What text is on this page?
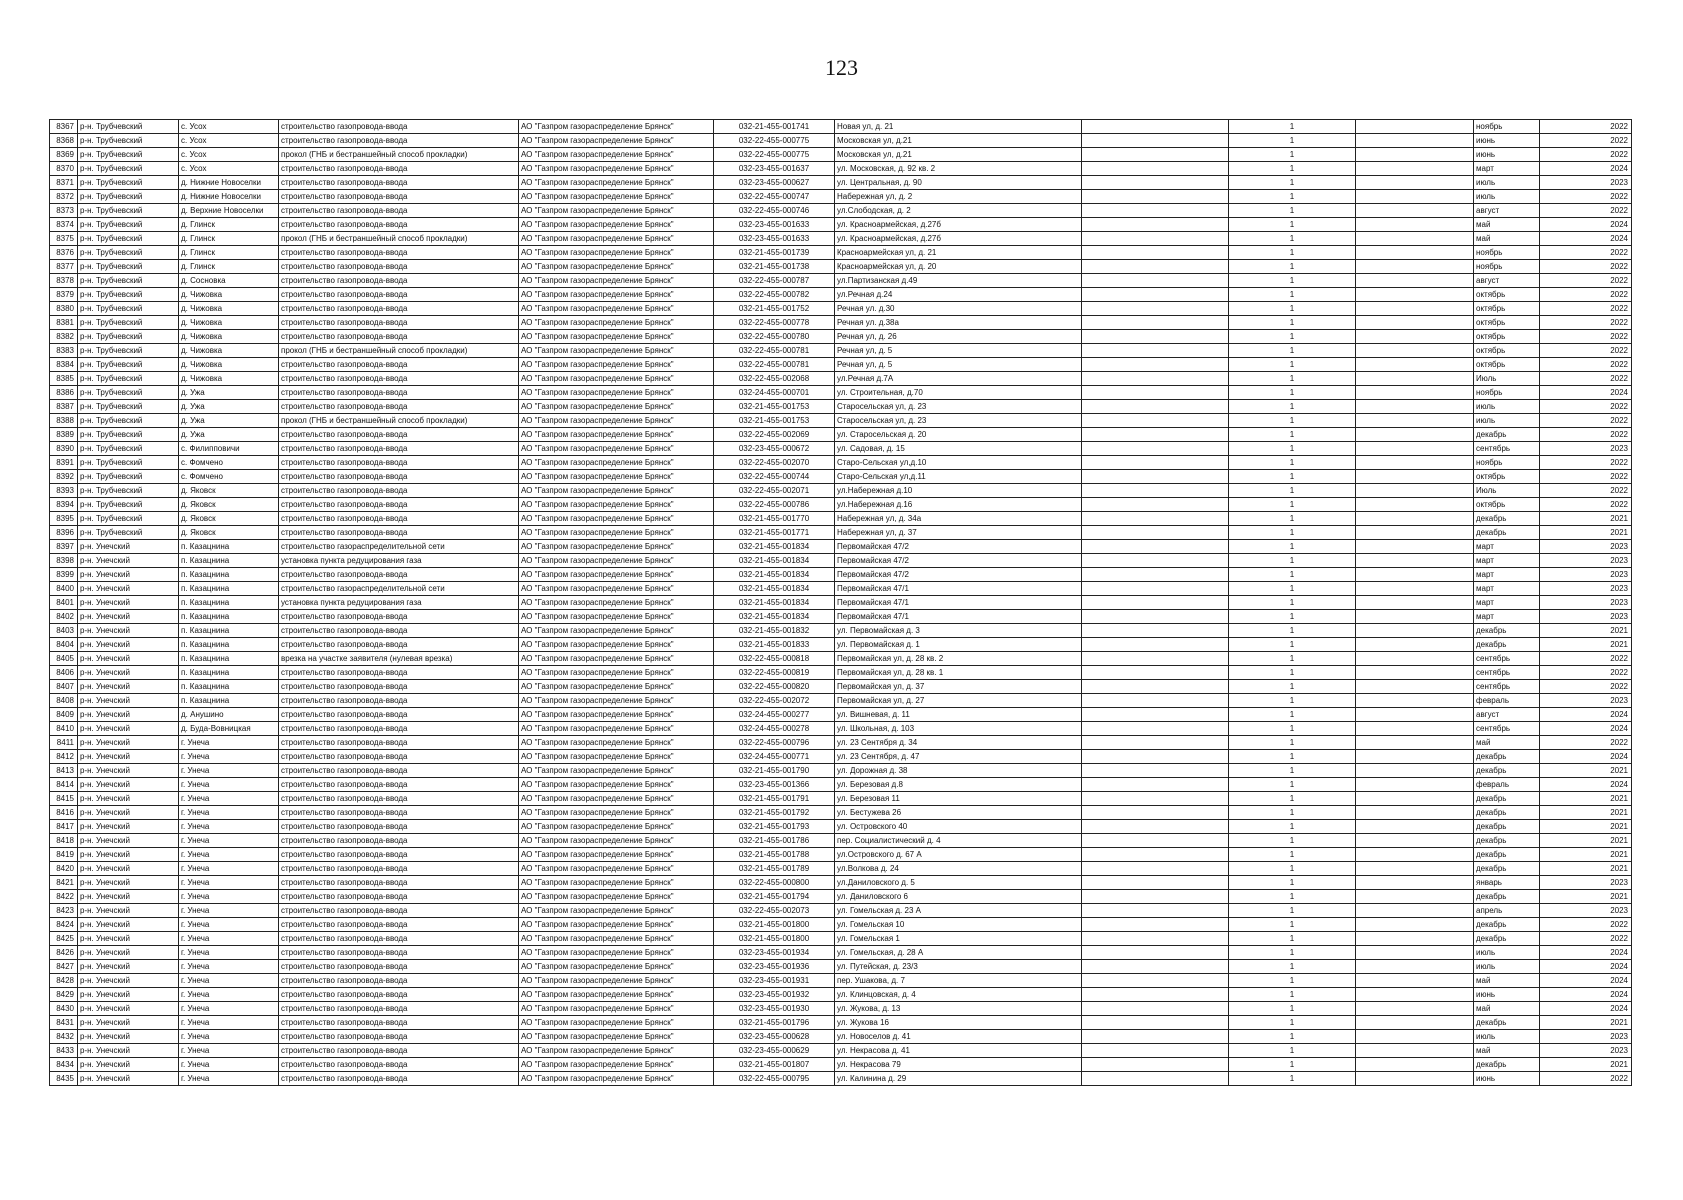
123
8367	р-н. Трубчевский	с. Усох	строительство газопровода-ввода	АО "Газпром газораспределение Брянск"	032-21-455-001741	Новая ул, д. 21		1		ноябрь	2022
8368	р-н. Трубчевский	с. Усох	строительство газопровода-ввода	АО "Газпром газораспределение Брянск"	032-22-455-000775	Московская ул, д.21		1		июнь	2022
8369	р-н. Трубчевский	с. Усох	прокол (ГНБ и бестраншейный способ прокладки)	АО "Газпром газораспределение Брянск"	032-22-455-000775	Московская ул, д.21		1		июнь	2022
8370	р-н. Трубчевский	с. Усох	строительство газопровода-ввода	АО "Газпром газораспределение Брянск"	032-23-455-001637	ул. Московская, д. 92 кв. 2		1		март	2024
8371	р-н. Трубчевский	д. Нижние Новоселки	строительство газопровода-ввода	АО "Газпром газораспределение Брянск"	032-23-455-000627	ул. Центральная, д. 90		1		июль	2023
8372	р-н. Трубчевский	д. Нижние Новоселки	строительство газопровода-ввода	АО "Газпром газораспределение Брянск"	032-22-455-000747	Набережная ул, д. 2		1		июль	2022
8373	р-н. Трубчевский	д. Верхние Новоселки	строительство газопровода-ввода	АО "Газпром газораспределение Брянск"	032-22-455-000746	ул.Слободская, д. 2		1		август	2022
8374	р-н. Трубчевский	д. Глинск	строительство газопровода-ввода	АО "Газпром газораспределение Брянск"	032-23-455-001633	ул. Красноармейская, д.27б		1		май	2024
8375	р-н. Трубчевский	д. Глинск	прокол (ГНБ и бестраншейный способ прокладки)	АО "Газпром газораспределение Брянск"	032-23-455-001633	ул. Красноармейская, д.27б		1		май	2024
8376	р-н. Трубчевский	д. Глинск	строительство газопровода-ввода	АО "Газпром газораспределение Брянск"	032-21-455-001739	Красноармейская ул, д. 21		1		ноябрь	2022
8377	р-н. Трубчевский	д. Глинск	строительство газопровода-ввода	АО "Газпром газораспределение Брянск"	032-21-455-001738	Красноармейская ул, д. 20		1		ноябрь	2022
8378	р-н. Трубчевский	д. Сосновка	строительство газопровода-ввода	АО "Газпром газораспределение Брянск"	032-22-455-000787	ул.Партизанская д.49		1		август	2022
8379	р-н. Трубчевский	д. Чижовка	строительство газопровода-ввода	АО "Газпром газораспределение Брянск"	032-22-455-000782	ул.Речная д.24		1		октябрь	2022
8380	р-н. Трубчевский	д. Чижовка	строительство газопровода-ввода	АО "Газпром газораспределение Брянск"	032-21-455-001752	Речная ул. д.30		1		октябрь	2022
8381	р-н. Трубчевский	д. Чижовка	строительство газопровода-ввода	АО "Газпром газораспределение Брянск"	032-22-455-000778	Речная ул. д.38а		1		октябрь	2022
8382	р-н. Трубчевский	д. Чижовка	строительство газопровода-ввода	АО "Газпром газораспределение Брянск"	032-22-455-000780	Речная ул, д. 26		1		октябрь	2022
8383	р-н. Трубчевский	д. Чижовка	прокол (ГНБ и бестраншейный способ прокладки)	АО "Газпром газораспределение Брянск"	032-22-455-000781	Речная ул, д. 5		1		октябрь	2022
8384	р-н. Трубчевский	д. Чижовка	строительство газопровода-ввода	АО "Газпром газораспределение Брянск"	032-22-455-000781	Речная ул, д. 5		1		октябрь	2022
8385	р-н. Трубчевский	д. Чижовка	строительство газопровода-ввода	АО "Газпром газораспределение Брянск"	032-22-455-002068	ул.Речная д.7А		1		Июль	2022
8386	р-н. Трубчевский	д. Ужа	строительство газопровода-ввода	АО "Газпром газораспределение Брянск"	032-24-455-000701	ул. Строительная, д.70		1		ноябрь	2024
8387	р-н. Трубчевский	д. Ужа	строительство газопровода-ввода	АО "Газпром газораспределение Брянск"	032-21-455-001753	Старосельская ул, д. 23		1		июль	2022
8388	р-н. Трубчевский	д. Ужа	прокол (ГНБ и бестраншейный способ прокладки)	АО "Газпром газораспределение Брянск"	032-21-455-001753	Старосельская ул, д. 23		1		июль	2022
8389	р-н. Трубчевский	д. Ужа	строительство газопровода-ввода	АО "Газпром газораспределение Брянск"	032-22-455-002069	ул. Старосельская д. 20		1		декабрь	2022
8390	р-н. Трубчевский	с. Филипповичи	строительство газопровода-ввода	АО "Газпром газораспределение Брянск"	032-23-455-000672	ул. Садовая, д. 15		1		сентябрь	2023
8391	р-н. Трубчевский	с. Фомчено	строительство газопровода-ввода	АО "Газпром газораспределение Брянск"	032-22-455-002070	Старо-Сельская ул,д.10		1		ноябрь	2022
8392	р-н. Трубчевский	с. Фомчено	строительство газопровода-ввода	АО "Газпром газораспределение Брянск"	032-22-455-000744	Старо-Сельская ул,д.11		1		октябрь	2022
8393	р-н. Трубчевский	д. Яковск	строительство газопровода-ввода	АО "Газпром газораспределение Брянск"	032-22-455-002071	ул.Набережная д.10		1		Июль	2022
8394	р-н. Трубчевский	д. Яковск	строительство газопровода-ввода	АО "Газпром газораспределение Брянск"	032-22-455-000786	ул.Набережная д.16		1		октябрь	2022
8395	р-н. Трубчевский	д. Яковск	строительство газопровода-ввода	АО "Газпром газораспределение Брянск"	032-21-455-001770	Набережная ул, д. 34а		1		декабрь	2021
8396	р-н. Трубчевский	д. Яковск	строительство газопровода-ввода	АО "Газпром газораспределение Брянск"	032-21-455-001771	Набережная ул, д. 37		1		декабрь	2021
8397	р-н. Унечский	п. Казацнина	строительство газораспределительной сети	АО "Газпром газораспределение Брянск"	032-21-455-001834	Первомайская 47/2		1		март	2023
8398	р-н. Унечский	п. Казацнина	установка пункта редуцирования газа	АО "Газпром газораспределение Брянск"	032-21-455-001834	Первомайская 47/2		1		март	2023
8399	р-н. Унечский	п. Казацнина	строительство газопровода-ввода	АО "Газпром газораспределение Брянск"	032-21-455-001834	Первомайская 47/2		1		март	2023
8400	р-н. Унечский	п. Казацнина	строительство газораспределительной сети	АО "Газпром газораспределение Брянск"	032-21-455-001834	Первомайская 47/1		1		март	2023
8401	р-н. Унечский	п. Казацнина	установка пункта редуцирования газа	АО "Газпром газораспределение Брянск"	032-21-455-001834	Первомайская 47/1		1		март	2023
8402	р-н. Унечский	п. Казацнина	строительство газопровода-ввода	АО "Газпром газораспределение Брянск"	032-21-455-001834	Первомайская 47/1		1		март	2023
8403	р-н. Унечский	п. Казацнина	строительство газопровода-ввода	АО "Газпром газораспределение Брянск"	032-21-455-001832	ул. Первомайская д. 3		1		декабрь	2021
8404	р-н. Унечский	п. Казацнина	строительство газопровода-ввода	АО "Газпром газораспределение Брянск"	032-21-455-001833	ул. Первомайская д. 1		1		декабрь	2021
8405	р-н. Унечский	п. Казацнина	врезка на участке заявителя (нулевая врезка)	АО "Газпром газораспределение Брянск"	032-22-455-000818	Первомайская ул, д. 28 кв. 2		1		сентябрь	2022
8406	р-н. Унечский	п. Казацнина	строительство газопровода-ввода	АО "Газпром газораспределение Брянск"	032-22-455-000819	Первомайская ул, д. 28 кв. 1		1		сентябрь	2022
8407	р-н. Унечский	п. Казацнина	строительство газопровода-ввода	АО "Газпром газораспределение Брянск"	032-22-455-000820	Первомайская ул, д. 37		1		сентябрь	2022
8408	р-н. Унечский	п. Казацнина	строительство газопровода-ввода	АО "Газпром газораспределение Брянск"	032-22-455-002072	Первомайская ул, д. 27		1		февраль	2023
8409	р-н. Унечский	д. Анушино	строительство газопровода-ввода	АО "Газпром газораспределение Брянск"	032-24-455-000277	ул. Вишневая, д. 11		1		август	2024
8410	р-н. Унечский	д. Буда-Вовницкая	строительство газопровода-ввода	АО "Газпром газораспределение Брянск"	032-24-455-000278	ул. Школьная, д. 103		1		сентябрь	2024
8411	р-н. Унечский	г. Унеча	строительство газопровода-ввода	АО "Газпром газораспределение Брянск"	032-22-455-000796	ул. 23 Сентября д. 34		1		май	2022
8412	р-н. Унечский	г. Унеча	строительство газопровода-ввода	АО "Газпром газораспределение Брянск"	032-24-455-000771	ул. 23 Сентября, д. 47		1		декабрь	2024
8413	р-н. Унечский	г. Унеча	строительство газопровода-ввода	АО "Газпром газораспределение Брянск"	032-21-455-001790	ул. Дорожная д. 38		1		декабрь	2021
8414	р-н. Унечский	г. Унеча	строительство газопровода-ввода	АО "Газпром газораспределение Брянск"	032-23-455-001366	ул. Березовая д.8		1		февраль	2024
8415	р-н. Унечский	г. Унеча	строительство газопровода-ввода	АО "Газпром газораспределение Брянск"	032-21-455-001791	ул. Березовая 11		1		декабрь	2021
8416	р-н. Унечский	г. Унеча	строительство газопровода-ввода	АО "Газпром газораспределение Брянск"	032-21-455-001792	ул. Бестужева 26		1		декабрь	2021
8417	р-н. Унечский	г. Унеча	строительство газопровода-ввода	АО "Газпром газораспределение Брянск"	032-21-455-001793	ул. Островского 40		1		декабрь	2021
8418	р-н. Унечский	г. Унеча	строительство газопровода-ввода	АО "Газпром газораспределение Брянск"	032-21-455-001786	пер. Социалистический д. 4		1		декабрь	2021
8419	р-н. Унечский	г. Унеча	строительство газопровода-ввода	АО "Газпром газораспределение Брянск"	032-21-455-001788	ул.Островского д. 67 А		1		декабрь	2021
8420	р-н. Унечский	г. Унеча	строительство газопровода-ввода	АО "Газпром газораспределение Брянск"	032-21-455-001789	ул.Волкова д. 24		1		декабрь	2021
8421	р-н. Унечский	г. Унеча	строительство газопровода-ввода	АО "Газпром газораспределение Брянск"	032-22-455-000800	ул.Даниловского д. 5		1		январь	2023
8422	р-н. Унечский	г. Унеча	строительство газопровода-ввода	АО "Газпром газораспределение Брянск"	032-21-455-001794	ул. Даниловского 6		1		декабрь	2021
8423	р-н. Унечский	г. Унеча	строительство газопровода-ввода	АО "Газпром газораспределение Брянск"	032-22-455-002073	ул. Гомельская д. 23 А		1		апрель	2023
8424	р-н. Унечский	г. Унеча	строительство газопровода-ввода	АО "Газпром газораспределение Брянск"	032-21-455-001800	ул. Гомельская 10		1		декабрь	2022
8425	р-н. Унечский	г. Унеча	строительство газопровода-ввода	АО "Газпром газораспределение Брянск"	032-21-455-001800	ул. Гомельская 1		1		декабрь	2022
8426	р-н. Унечский	г. Унеча	строительство газопровода-ввода	АО "Газпром газораспределение Брянск"	032-23-455-001934	ул. Гомельская, д. 28 А		1		июль	2024
8427	р-н. Унечский	г. Унеча	строительство газопровода-ввода	АО "Газпром газораспределение Брянск"	032-23-455-001936	ул. Путейская, д. 23/3		1		июль	2024
8428	р-н. Унечский	г. Унеча	строительство газопровода-ввода	АО "Газпром газораспределение Брянск"	032-23-455-001931	пер. Ушакова, д. 7		1		май	2024
8429	р-н. Унечский	г. Унеча	строительство газопровода-ввода	АО "Газпром газораспределение Брянск"	032-23-455-001932	ул. Клинцовская, д. 4		1		июнь	2024
8430	р-н. Унечский	г. Унеча	строительство газопровода-ввода	АО "Газпром газораспределение Брянск"	032-23-455-001930	ул. Жукова, д. 13		1		май	2024
8431	р-н. Унечский	г. Унеча	строительство газопровода-ввода	АО "Газпром газораспределение Брянск"	032-21-455-001796	ул. Жукова 16		1		декабрь	2021
8432	р-н. Унечский	г. Унеча	строительство газопровода-ввода	АО "Газпром газораспределение Брянск"	032-23-455-000628	ул. Новоселов д. 41		1		июль	2023
8433	р-н. Унечский	г. Унеча	строительство газопровода-ввода	АО "Газпром газораспределение Брянск"	032-23-455-000629	ул. Некрасова д. 41		1		май	2023
8434	р-н. Унечский	г. Унеча	строительство газопровода-ввода	АО "Газпром газораспределение Брянск"	032-21-455-001807	ул. Некрасова 79		1		декабрь	2021
8435	р-н. Унечский	г. Унеча	строительство газопровода-ввода	АО "Газпром газораспределение Брянск"	032-22-455-000795	ул. Калинина д. 29		1		июнь	2022
